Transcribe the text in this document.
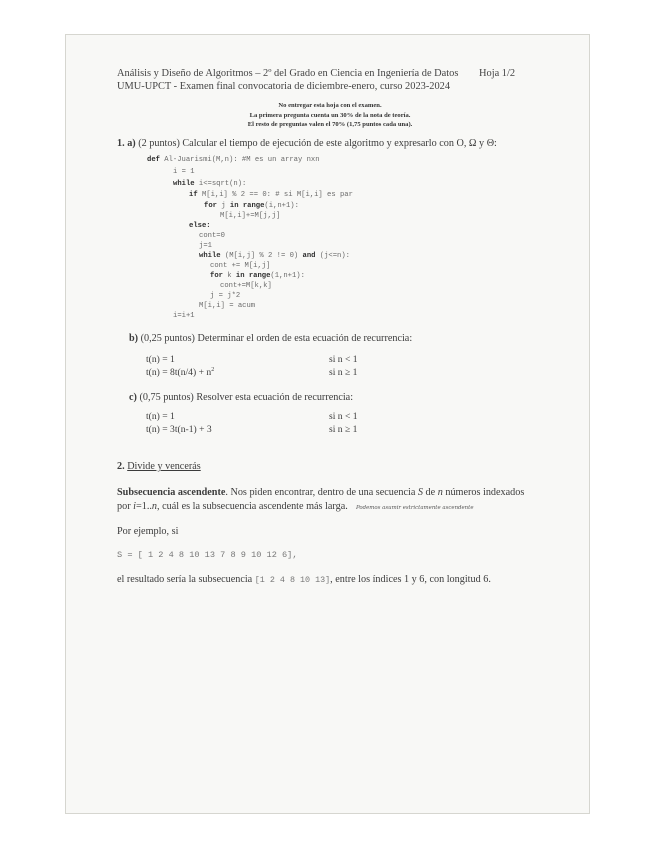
Análisis y Diseño de Algoritmos – 2º del Grado en Ciencia en Ingeniería de Datos Hoja 1/2
UMU-UPCT - Examen final convocatoria de diciembre-enero, curso 2023-2024
No entregar esta hoja con el examen.
La primera pregunta cuenta un 30% de la nota de teoría.
El resto de preguntas valen el 70% (1,75 puntos cada una).
1. a) (2 puntos) Calcular el tiempo de ejecución de este algoritmo y expresarlo con O, Ω y Θ:
def Al-Juarismi(M,n): #M es un array nxn
i = 1
while i<=sqrt(n):
if M[i,i] % 2 == 0: # si M[i,i] es par
for j in range(i,n+1):
M[i,i]+=M[j,j]
else:
cont=0
j=1
while (M[i,j] % 2 != 0) and (j<=n):
cont += M[i,j]
for k in range(1,n+1):
cont+=M[k,k]
j = j*2
M[i,i] = acum
i=i+1
b) (0,25 puntos) Determinar el orden de esta ecuación de recurrencia:
t(n) = 1	si n < 1
$t(n) = 8t(n/4) + n^2$	si n ≥ 1
c) (0,75 puntos) Resolver esta ecuación de recurrencia:
t(n) = 1	si n < 1
t(n) = 3t(n-1) + 3	si n ≥ 1
2. Divide y vencerás
Subsecuencia ascendente. Nos piden encontrar, dentro de una secuencia S de n números indexados
por i=1..n, cuál es la subsecuencia ascendente más larga. Podemos asumir estrictamente ascendente
Por ejemplo, si
S = [ 1 2 4 8 10 13 7 8 9 10 12 6],
el resultado sería la subsecuencia [1 2 4 8 10 13], entre los índices 1 y 6, con longitud 6.
